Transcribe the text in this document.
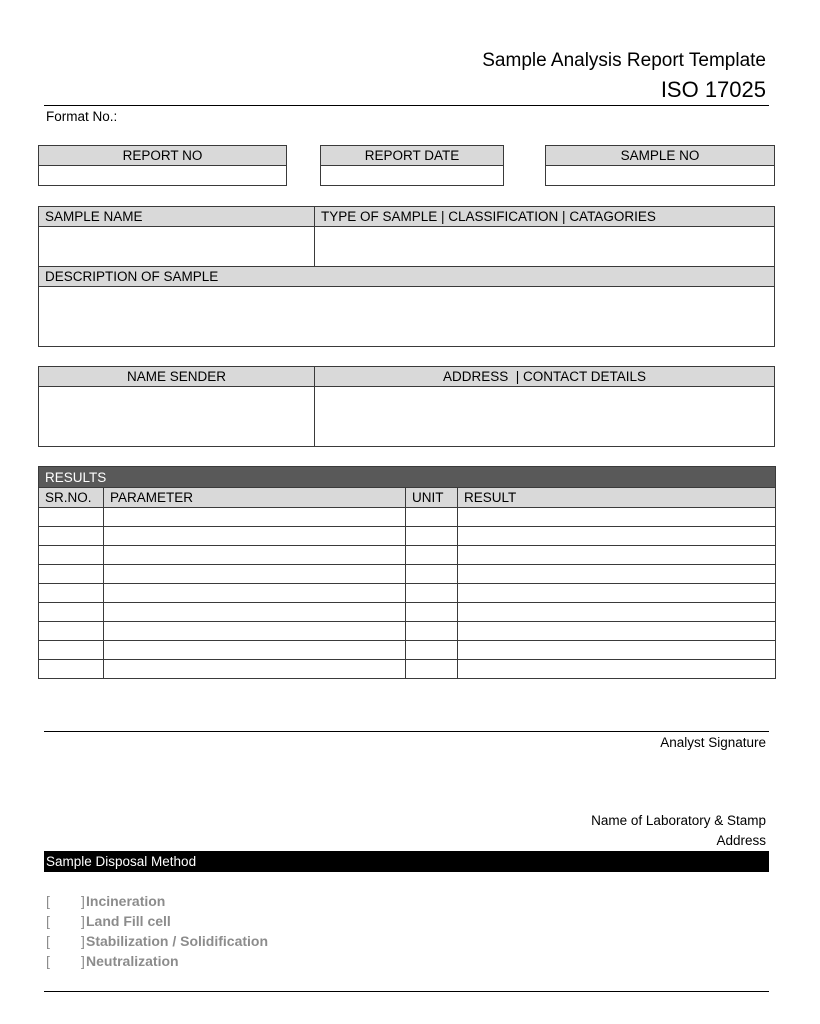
Sample Analysis Report Template
ISO 17025
Format No.:
REPORT NO	REPORT DATE	SAMPLE NO
SAMPLE NAME	TYPE OF SAMPLE | CLASSIFICATION | CATAGORIES
DESCRIPTION OF SAMPLE
NAME SENDER	ADDRESS  | CONTACT DETAILS
RESULTS			
SR.NO.	PARAMETER	UNIT	RESULT

Analyst Signature
Name of Laboratory & Stamp
Address
Sample Disposal Method
[        ]Incineration
[        ]Land Fill cell
[        ]Stabilization / Solidification
[        ]Neutralization
